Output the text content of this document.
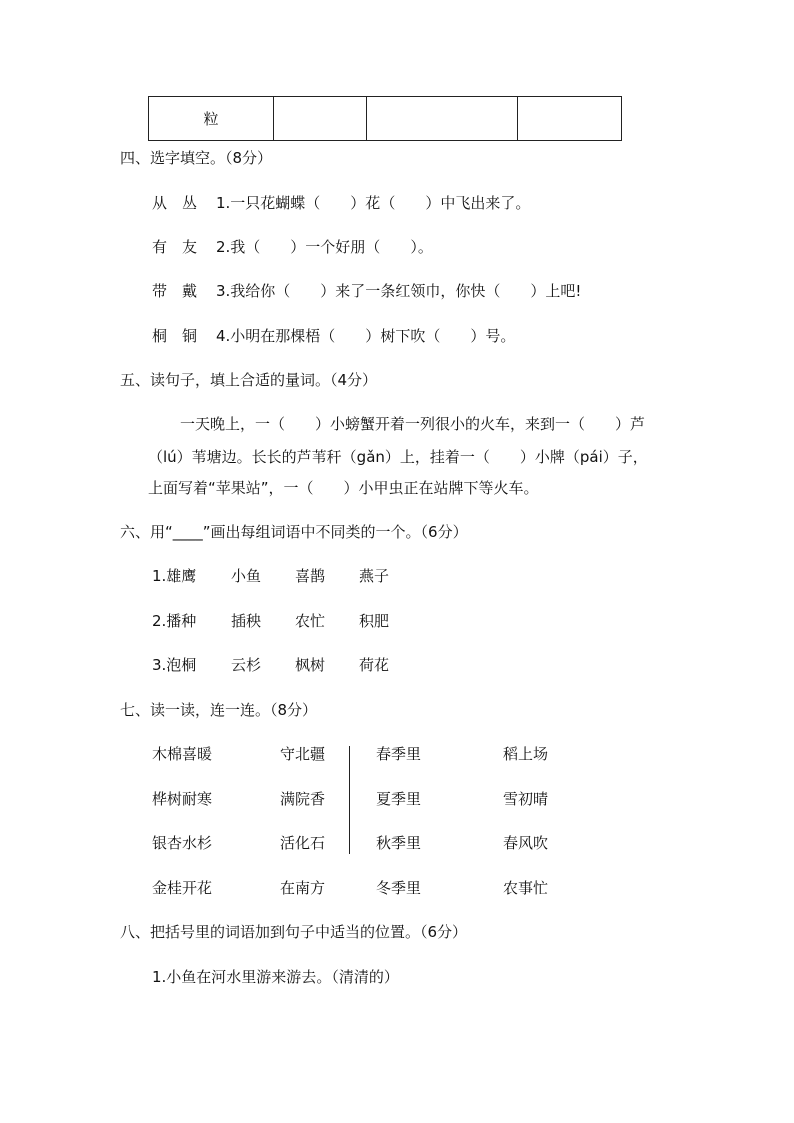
粒			
四、选字填空。（8分）
从　丛 1.一只花蝴蝶（　　）花（　　）中飞出来了。
有　友 2.我（　　）一个好朋（　　）。
带　戴 3.我给你（　　）来了一条红领巾，你快（　　）上吧!
桐　铜 4.小明在那棵梧（　　）树下吹（　　）号。
五、读句子，填上合适的量词。（4分）
一天晚上，一（　　）小螃蟹开着一列很小的火车，来到一（　　）芦
（lú）苇塘边。长长的芦苇秆（gǎn）上，挂着一（　　）小牌（pái）子，
上面写着“苹果站”，一（　　）小甲虫正在站牌下等火车。
六、用“____”画出每组词语中不同类的一个。（6分）
1.雄鹰 小鱼 喜鹊 燕子
2.播种 插秧 农忙 积肥
3.泡桐 云杉 枫树 荷花
七、读一读，连一连。（8分）
木棉喜暖	守北疆	春季里	稻上场
桦树耐寒	满院香	夏季里	雪初晴
银杏水杉	活化石	秋季里	春风吹
金桂开花	在南方	冬季里	农事忙
八、把括号里的词语加到句子中适当的位置。（6分）
1.小鱼在河水里游来游去。（清清的）
